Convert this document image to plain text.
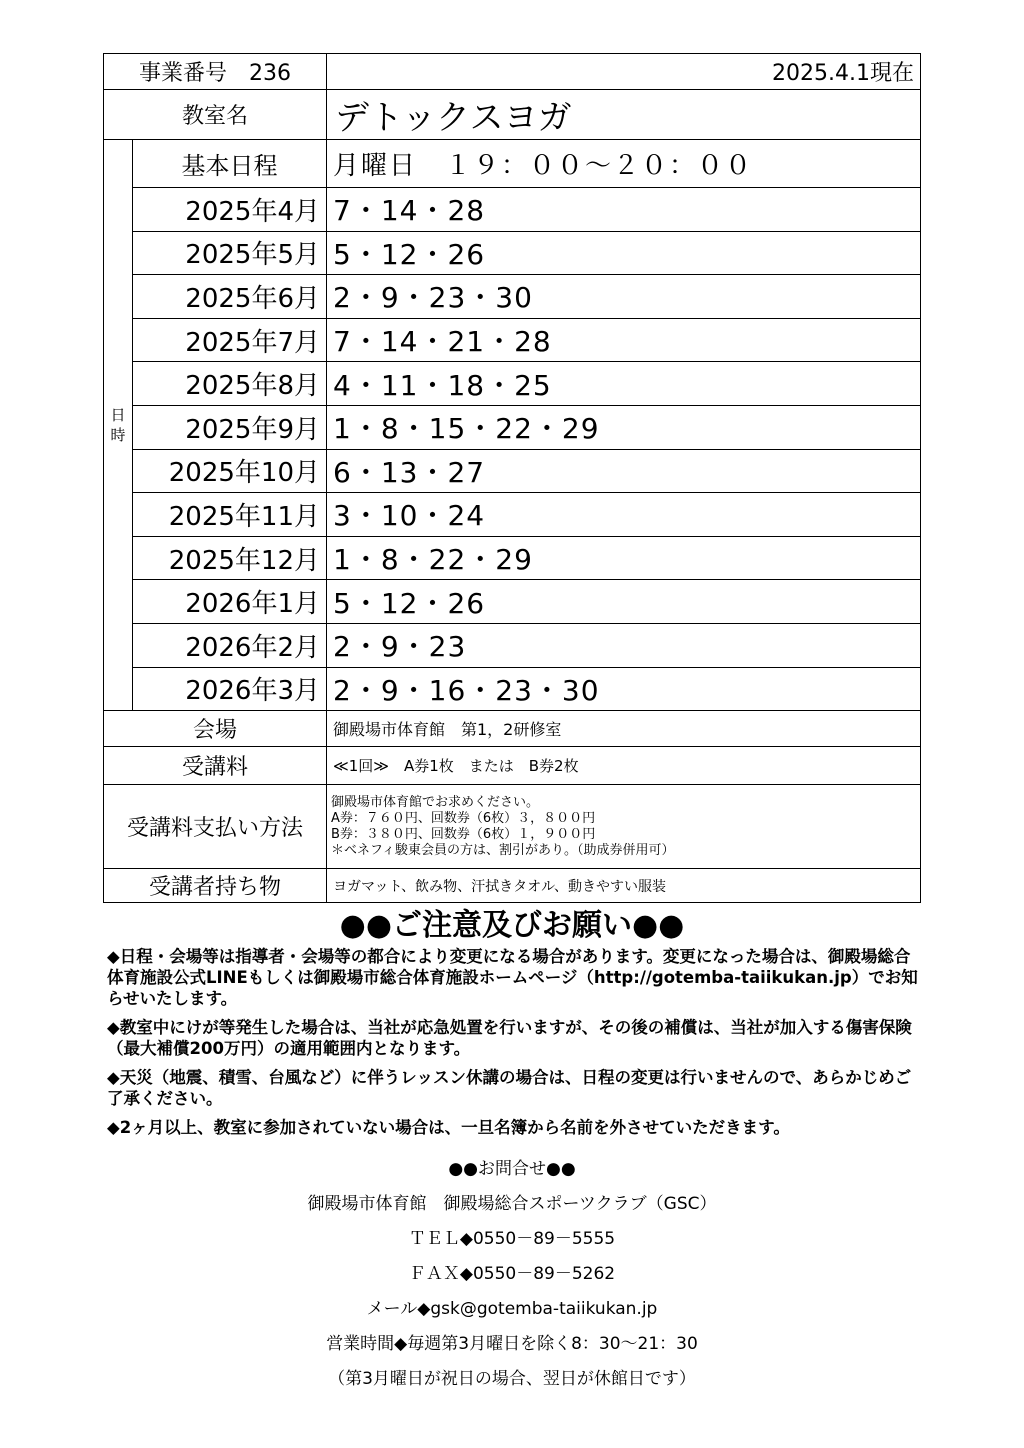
事業番号　236		2025.4.1現在
教室名		デトックスヨガ
日
時	基本日程	月曜日　１９：００～２０：００
	2025年4月	7・14・28
	2025年5月	5・12・26
	2025年6月	2・9・23・30
	2025年7月	7・14・21・28
	2025年8月	4・11・18・25
	2025年9月	1・8・15・22・29
	2025年10月	6・13・27
	2025年11月	3・10・24
	2025年12月	1・8・22・29
	2026年1月	5・12・26
	2026年2月	2・9・23
	2026年3月	2・9・16・23・30
会場		御殿場市体育館　第1，2研修室
受講料		≪1回≫　A券1枚　または　B券2枚
受講料支払い方法		御殿場市体育館でお求めください。
A券：７６０円、回数券（6枚）３，８００円
B券：３８０円、回数券（6枚）１，９００円
＊ベネフィ駿東会員の方は、割引があり。（助成券併用可）

受講者持ち物		ヨガマット、飲み物、汗拭きタオル、動きやすい服装
●●ご注意及びお願い●●

◆日程・会場等は指導者・会場等の都合により変更になる場合があります。変更になった場合は、御殿場総合体育施設公式LINEもしくは御殿場市総合体育施設ホームページ（http://gotemba-taiikukan.jp）でお知らせいたします。

◆教室中にけが等発生した場合は、当社が応急処置を行いますが、その後の補償は、当社が加入する傷害保険（最大補償200万円）の適用範囲内となります。

◆天災（地震、積雪、台風など）に伴うレッスン休講の場合は、日程の変更は行いませんので、あらかじめご了承ください。

◆2ヶ月以上、教室に参加されていない場合は、一旦名簿から名前を外させていただきます。

●●お問合せ●●
御殿場市体育館　御殿場総合スポーツクラブ（GSC）
ＴＥＬ◆0550－89－5555
ＦＡＸ◆0550－89－5262
メール◆gsk@gotemba-taiikukan.jp
営業時間◆毎週第3月曜日を除く8：30～21：30
（第3月曜日が祝日の場合、翌日が休館日です）
